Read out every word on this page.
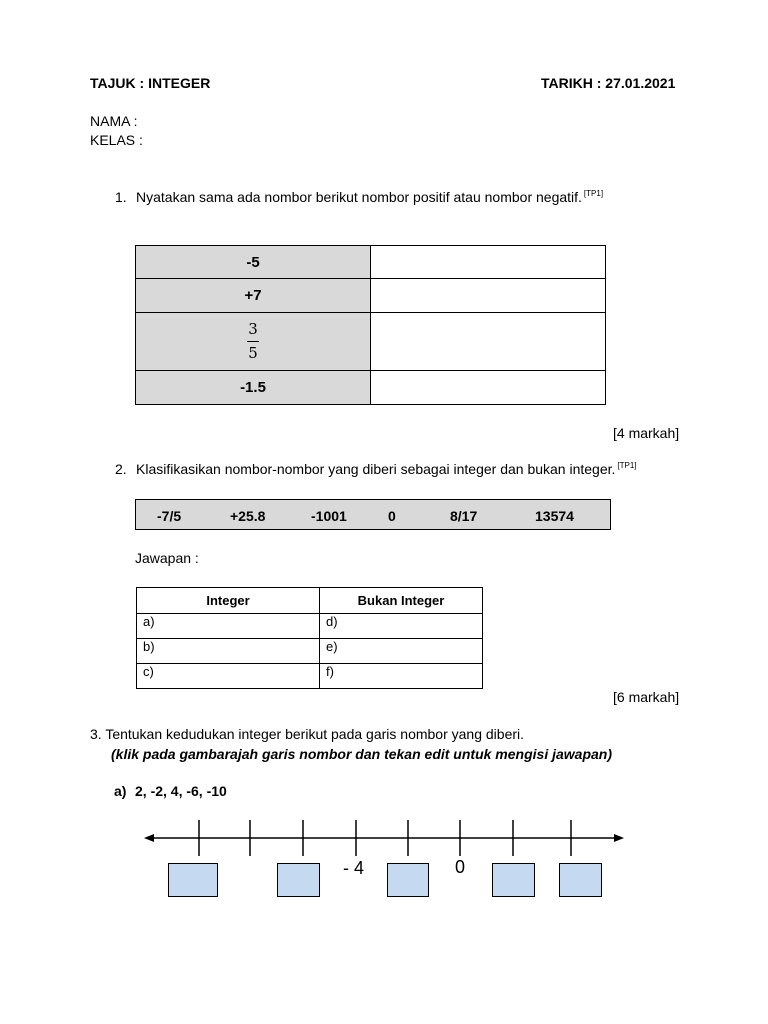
TAJUK : INTEGER	TARIKH : 27.01.2021
NAMA :
KELAS :
1. Nyatakan sama ada nombor berikut nombor positif atau nombor negatif. [TP1]
-5	
+7	

$\frac{3}{5}$

-1.5	
[4 markah]
2. Klasifikasikan nombor-nombor yang diberi sebagai integer dan bukan integer. [TP1]
-7/5	+25.8	-1001	0	8/17	13574
Jawapan :
Integer	Bukan Integer
a)	d)
b)	e)
c)	f)
[6 markah]
3. Tentukan kedudukan integer berikut pada garis nombor yang diberi.
(klik pada gambarajah garis nombor dan tekan edit untuk mengisi jawapan)
a) 2, -2, 4, -6, -10
- 4	0
